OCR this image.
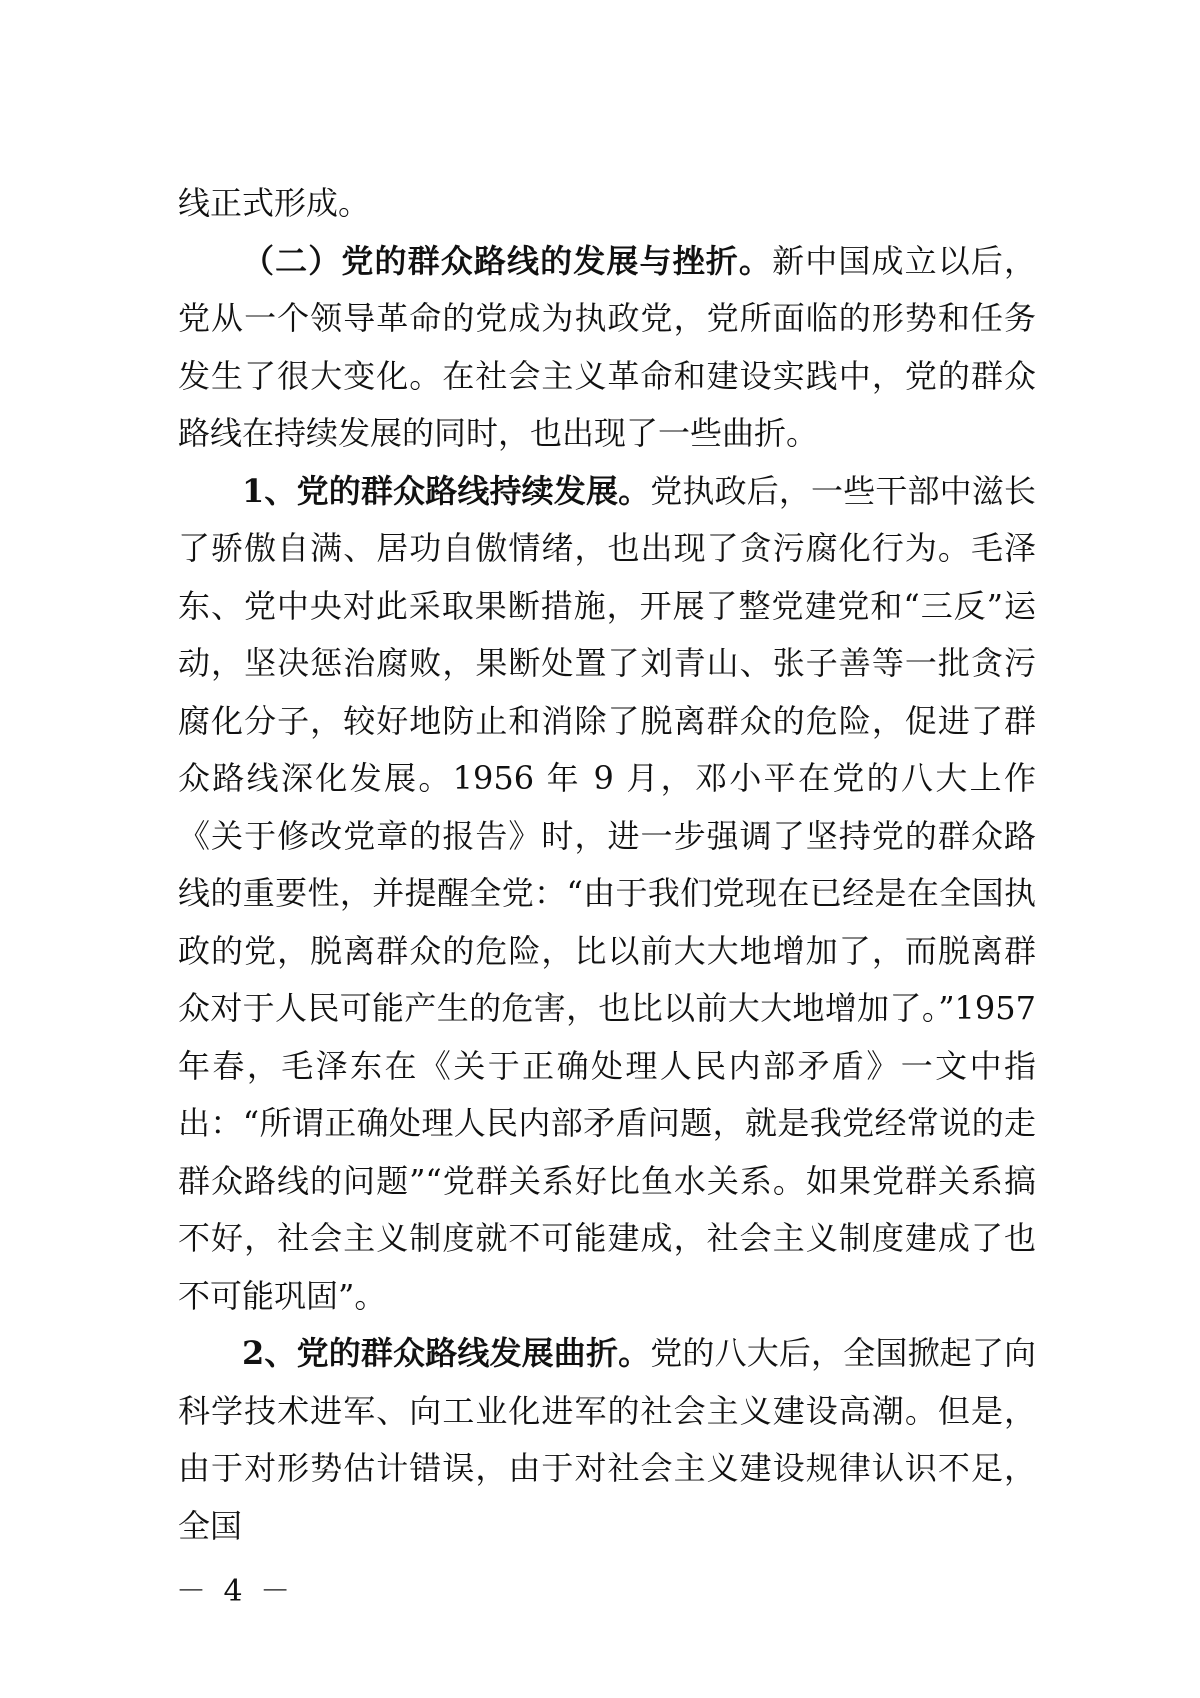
线正式形成。

（二）党的群众路线的发展与挫折。新中国成立以后，党从一个领导革命的党成为执政党，党所面临的形势和任务发生了很大变化。在社会主义革命和建设实践中，党的群众路线在持续发展的同时，也出现了一些曲折。

1、党的群众路线持续发展。党执政后，一些干部中滋长了骄傲自满、居功自傲情绪，也出现了贪污腐化行为。毛泽东、党中央对此采取果断措施，开展了整党建党和“三反”运动，坚决惩治腐败，果断处置了刘青山、张子善等一批贪污腐化分子，较好地防止和消除了脱离群众的危险，促进了群众路线深化发展。1956 年 9 月，邓小平在党的八大上作《关于修改党章的报告》时，进一步强调了坚持党的群众路线的重要性，并提醒全党：“由于我们党现在已经是在全国执政的党，脱离群众的危险，比以前大大地增加了，而脱离群众对于人民可能产生的危害，也比以前大大地增加了。”1957 年春，毛泽东在《关于正确处理人民内部矛盾》一文中指出：“所谓正确处理人民内部矛盾问题，就是我党经常说的走群众路线的问题”“党群关系好比鱼水关系。如果党群关系搞不好，社会主义制度就不可能建成，社会主义制度建成了也不可能巩固”。

2、党的群众路线发展曲折。党的八大后，全国掀起了向科学技术进军、向工业化进军的社会主义建设高潮。但是，由于对形势估计错误，由于对社会主义建设规律认识不足，全国

－ 4 －
